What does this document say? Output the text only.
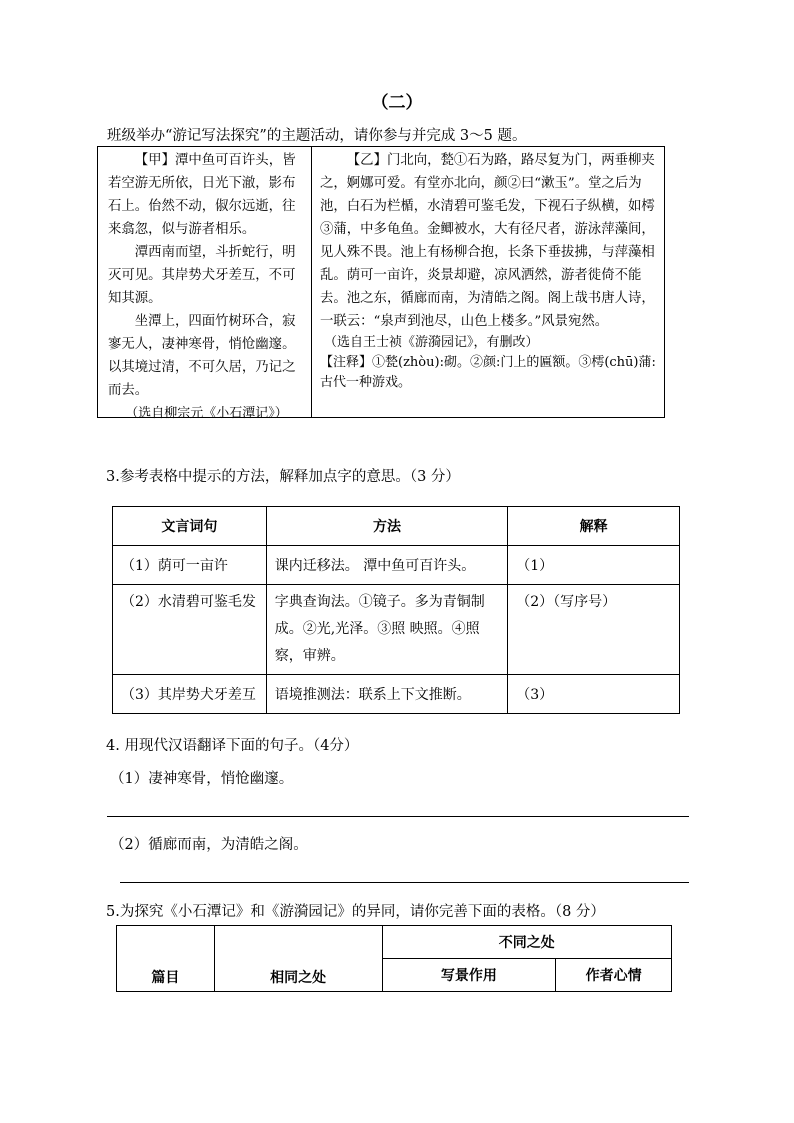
（二）
班级举办“游记写法探究”的主题活动，请你参与并完成 3～5 题。

【甲】潭中鱼可百许头，皆若空游无所依，日光下澈，影布石上。佁然不动，俶尔远逝，往来翕忽，似与游者相乐。

潭西南而望，斗折蛇行，明灭可见。其岸势犬牙差互，不可知其源。

坐潭上，四面竹树环合，寂寥无人，凄神寒骨，悄怆幽邃。以其境过清，不可久居，乃记之而去。

（选自柳宗元《小石潭记》）

【乙】门北向，甃①石为路，路尽复为门，两垂柳夹之，婀娜可爱。有堂亦北向，颜②曰“漱玉”。堂之后为池，白石为栏楯，水清碧可鉴毛发，下视石子纵横，如樗③蒲，中多龟鱼。金鲫被水，大有径尺者，游泳萍藻间，见人殊不畏。池上有杨柳合抱，长条下垂拔拂，与萍藻相乱。荫可一亩许，炎景却避，凉风洒然，游者徙倚不能去。池之东，循廊而南，为清皓之阁。阁上哉书唐人诗，一联云：“泉声到池尽，山色上楼多。”风景宛然。

（选自王士祯《游漪园记》，有删改）

【注释】①甃(zhòu):砌。②颜:门上的匾额。③樗(chū)蒲:古代一种游戏。

3.参考表格中提示的方法，解释加点字的意思。（3 分）
文言词句	方法	解释
（1）荫可一亩许	课内迁移法。 潭中鱼可百许头。	（1）
（2）水清碧可鉴毛发	字典查询法。①镜子。多为青铜制成。②光,光泽。③照 映照。④照察，审辨。	（2）（写序号）
（3）其岸势犬牙差互	语境推测法：联系上下文推断。	（3）
4. 用现代汉语翻译下面的句子。（4分）
（1）凄神寒骨，悄怆幽邃。
（2）循廊而南，为清皓之阁。
5.为探究《小石潭记》和《游漪园记》的异同，请你完善下面的表格。（8 分）
篇目	相同之处	不同之处	
		写景作用	作者心情
